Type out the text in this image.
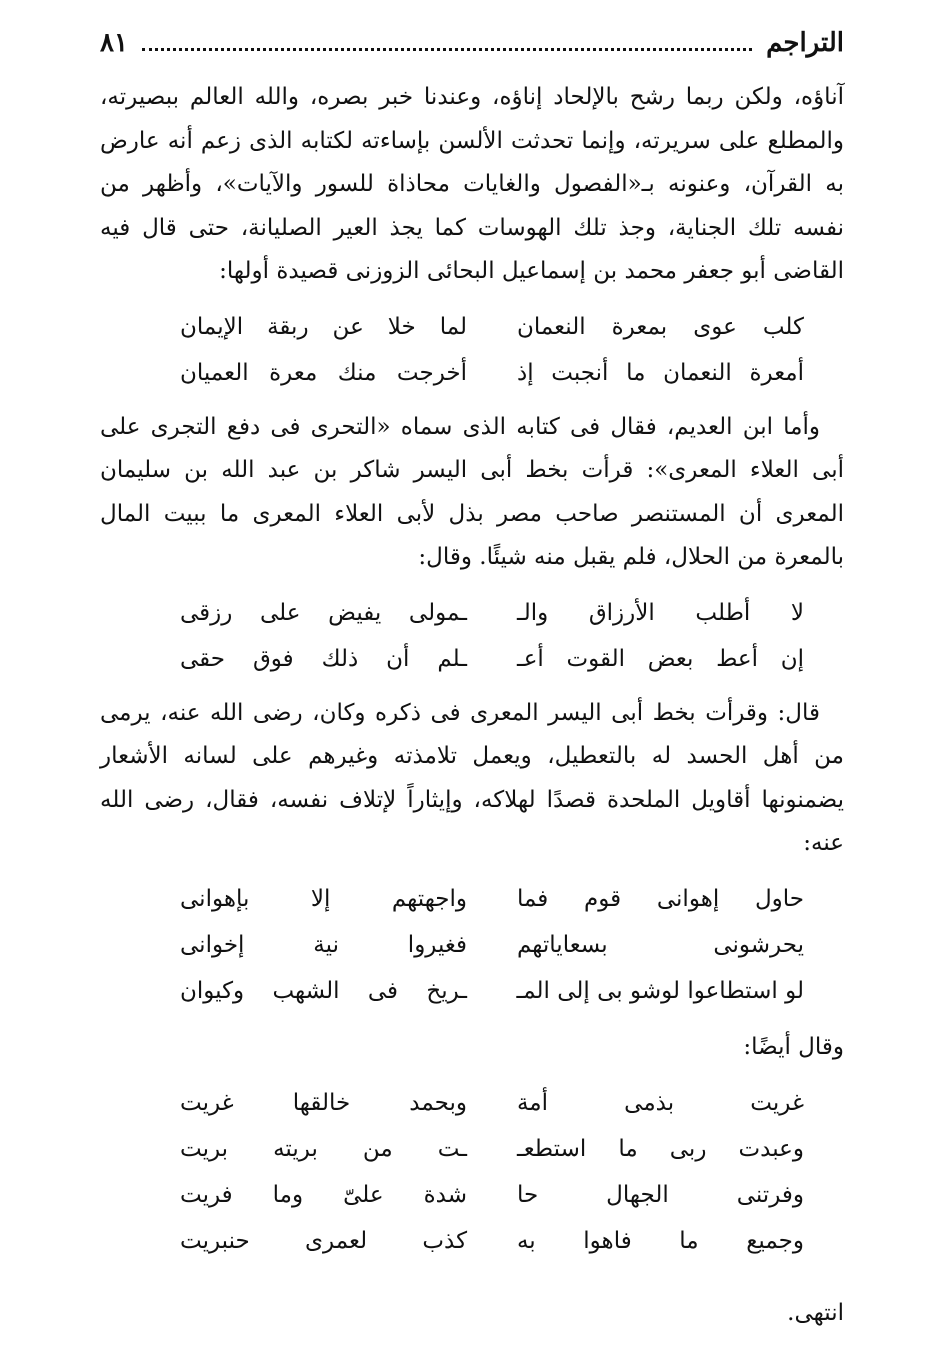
التراجم
٨١

آناؤه، ولكن ربما رشح بالإلحاد إناؤه، وعندنا خبر بصره، والله العالم ببصيرته، والمطلع على سريرته، وإنما تحدثت الألسن بإساءته لكتابه الذى زعم أنه عارض به القرآن، وعنونه بـ«الفصول والغايات محاذاة للسور والآيات»، وأظهر من نفسه تلك الجناية، وجذ تلك الهوسات كما يجذ العير الصليانة، حتى قال فيه القاضى أبو جعفر محمد بن إسماعيل البحائى الزوزنى قصيدة أولها:

كلب عوى بمعرة النعمان
لما خلا عن ربقة الإيمان
أمعرة النعمان ما أنجبت إذ
أخرجت منك معرة العميان

وأما ابن العديم، فقال فى كتابه الذى سماه «التحرى فى دفع التجرى على أبى العلاء المعرى»: قرأت بخط أبى اليسر شاكر بن عبد الله بن سليمان المعرى أن المستنصر صاحب مصر بذل لأبى العلاء المعرى ما ببيت المال بالمعرة من الحلال، فلم يقبل منه شيئًا. وقال:

لا أطلب الأرزاق والـ
ـمولى يفيض على رزقى
إن أعط بعض القوت أعـ
ـلم أن ذلك فوق حقى

قال: وقرأت بخط أبى اليسر المعرى فى ذكره وكان، رضى الله عنه، يرمى من أهل الحسد له بالتعطيل، ويعمل تلامذته وغيرهم على لسانه الأشعار يضمنونها أقاويل الملحدة قصدًا لهلاكه، وإيثاراً لإتلاف نفسه، فقال، رضى الله عنه:

حاول إهوانى قوم فما
واجهتهم إلا بإهوانى
يحرشونى بسعاياتهم
فغيروا نية إخوانى
لو استطاعوا لوشو بى إلى المـ
ـريخ فى الشهب وكيوان

وقال أيضًا:

غريت بذمى أمة
وبحمد خالقها غريت
وعبدت ربى ما استطعـ
ـت من بريته بريت
وفرتنى الجهال حا
شدة علىّ وما فريت
وجميع ما فاهوا به
كذب لعمرى حنبريت

انتهى.
